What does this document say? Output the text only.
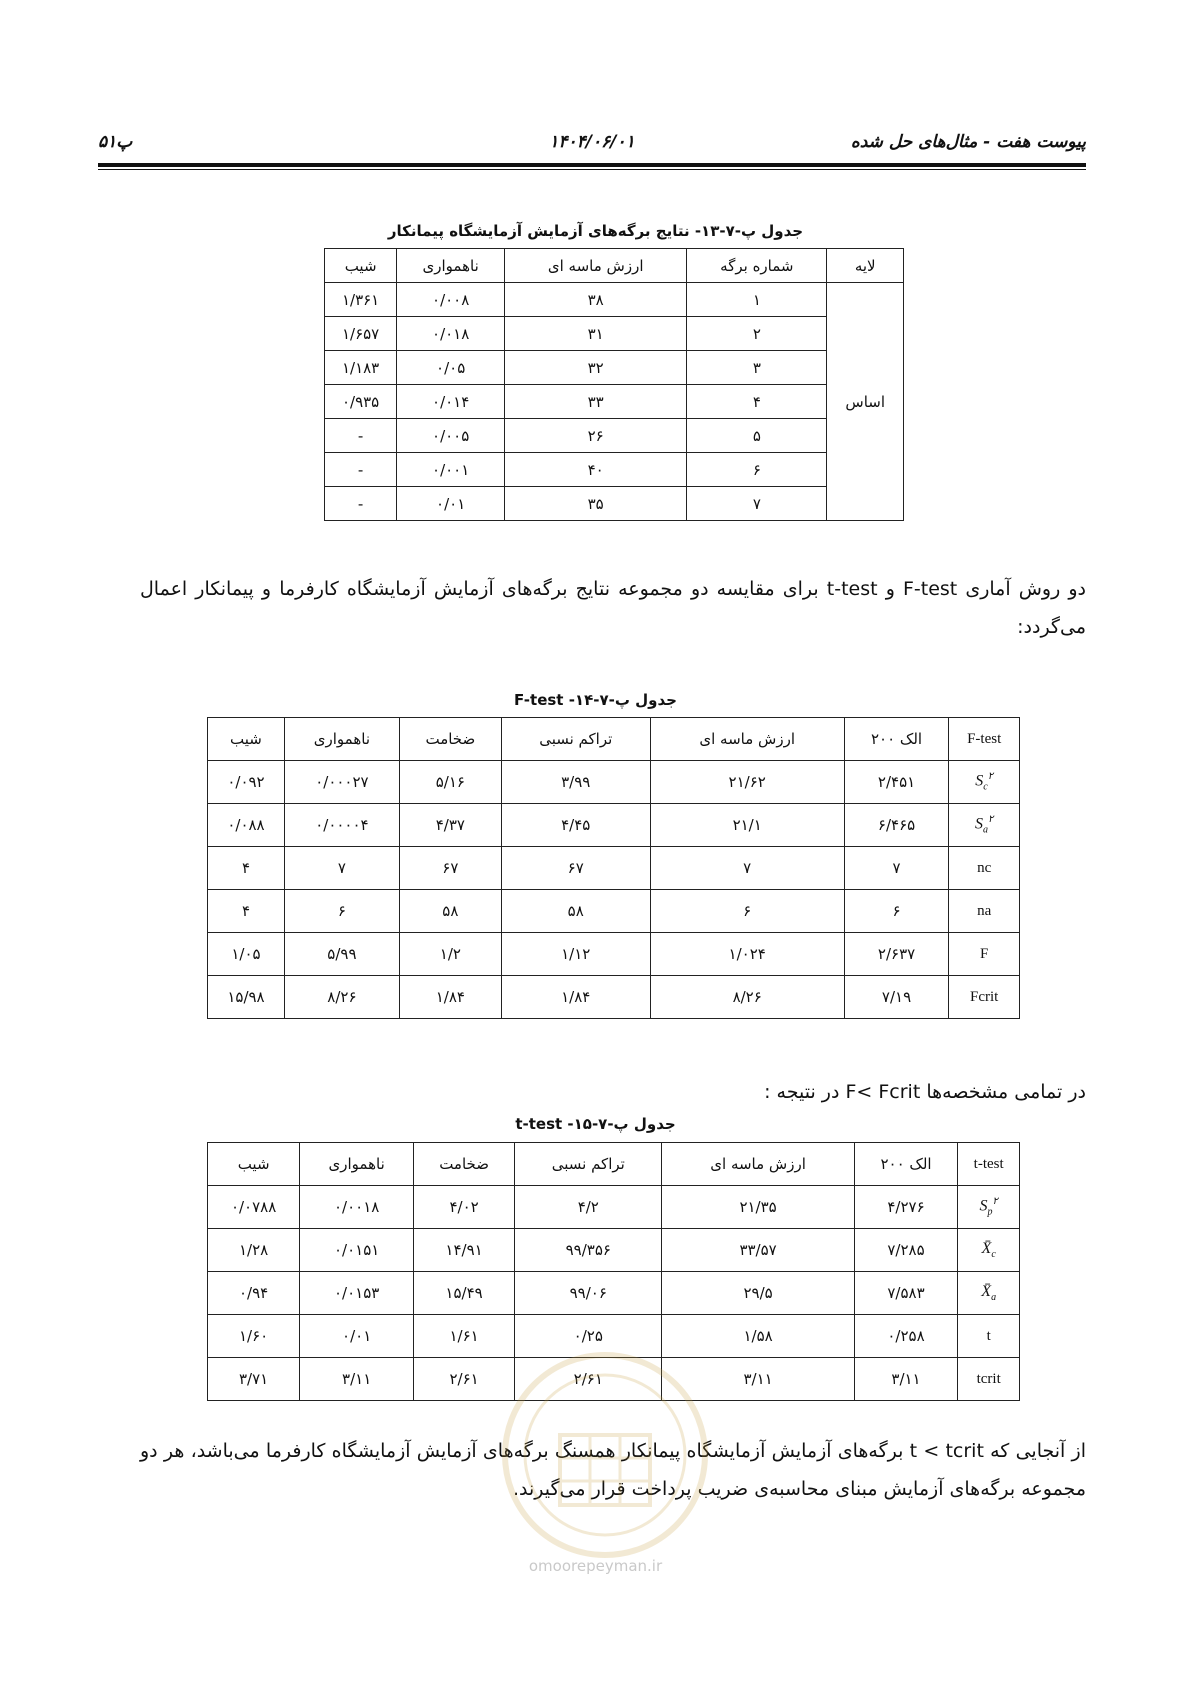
پیوست هفت - مثال‌های حل شده
۱۴۰۴/۰۶/۰۱
پ۵۱
جدول پ-۷-۱۳- نتایج برگه‌های آزمایش آزمایشگاه پیمانکار
لایه	شماره برگه	ارزش ماسه ای	ناهمواری	شیب
اساس	۱	۳۸	۰/۰۰۸	۱/۳۶۱
	۲	۳۱	۰/۰۱۸	۱/۶۵۷
	۳	۳۲	۰/۰۵	۱/۱۸۳
	۴	۳۳	۰/۰۱۴	۰/۹۳۵
	۵	۲۶	۰/۰۰۵	-
	۶	۴۰	۰/۰۰۱	-
	۷	۳۵	۰/۰۱	-
دو روش آماری F-test و t-test برای مقایسه دو مجموعه نتایج برگه‌های آزمایش آزمایشگاه کارفرما و پیمانکار اعمال می‌گردد:
جدول پ-۷-۱۴- F-test
F-test	الک ۲۰۰	ارزش ماسه ای	تراکم نسبی	ضخامت	ناهمواری	شیب
$S_c^۲$	۲/۴۵۱	۲۱/۶۲	۳/۹۹	۵/۱۶	۰/۰۰۰۲۷	۰/۰۹۲
$S_a^۲$	۶/۴۶۵	۲۱/۱	۴/۴۵	۴/۳۷	۰/۰۰۰۰۴	۰/۰۸۸
nc	۷	۷	۶۷	۶۷	۷	۴
na	۶	۶	۵۸	۵۸	۶	۴
F	۲/۶۳۷	۱/۰۲۴	۱/۱۲	۱/۲	۵/۹۹	۱/۰۵
Fcrit	۷/۱۹	۸/۲۶	۱/۸۴	۱/۸۴	۸/۲۶	۱۵/۹۸
در تمامی مشخصه‌ها F< Fcrit در نتیجه :
جدول پ-۷-۱۵- t-test
t-test	الک ۲۰۰	ارزش ماسه ای	تراکم نسبی	ضخامت	ناهمواری	شیب
$S_p^۲$	۴/۲۷۶	۲۱/۳۵	۴/۲	۴/۰۲	۰/۰۰۱۸	۰/۰۷۸۸
$X̄_c$	۷/۲۸۵	۳۳/۵۷	۹۹/۳۵۶	۱۴/۹۱	۰/۰۱۵۱	۱/۲۸
$X̄_a$	۷/۵۸۳	۲۹/۵	۹۹/۰۶	۱۵/۴۹	۰/۰۱۵۳	۰/۹۴
t	۰/۲۵۸	۱/۵۸	۰/۲۵	۱/۶۱	۰/۰۱	۱/۶۰
tcrit	۳/۱۱	۳/۱۱	۲/۶۱	۲/۶۱	۳/۱۱	۳/۷۱
از آنجایی که t < tcrit برگه‌های آزمایش آزمایشگاه پیمانکار همسنگ برگه‌های آزمایش آزمایشگاه کارفرما می‌باشد، هر دو مجموعه برگه‌های آزمایش مبنای محاسبه‌ی ضریب پرداخت قرار می‌گیرند.
omoorepeyman.ir
